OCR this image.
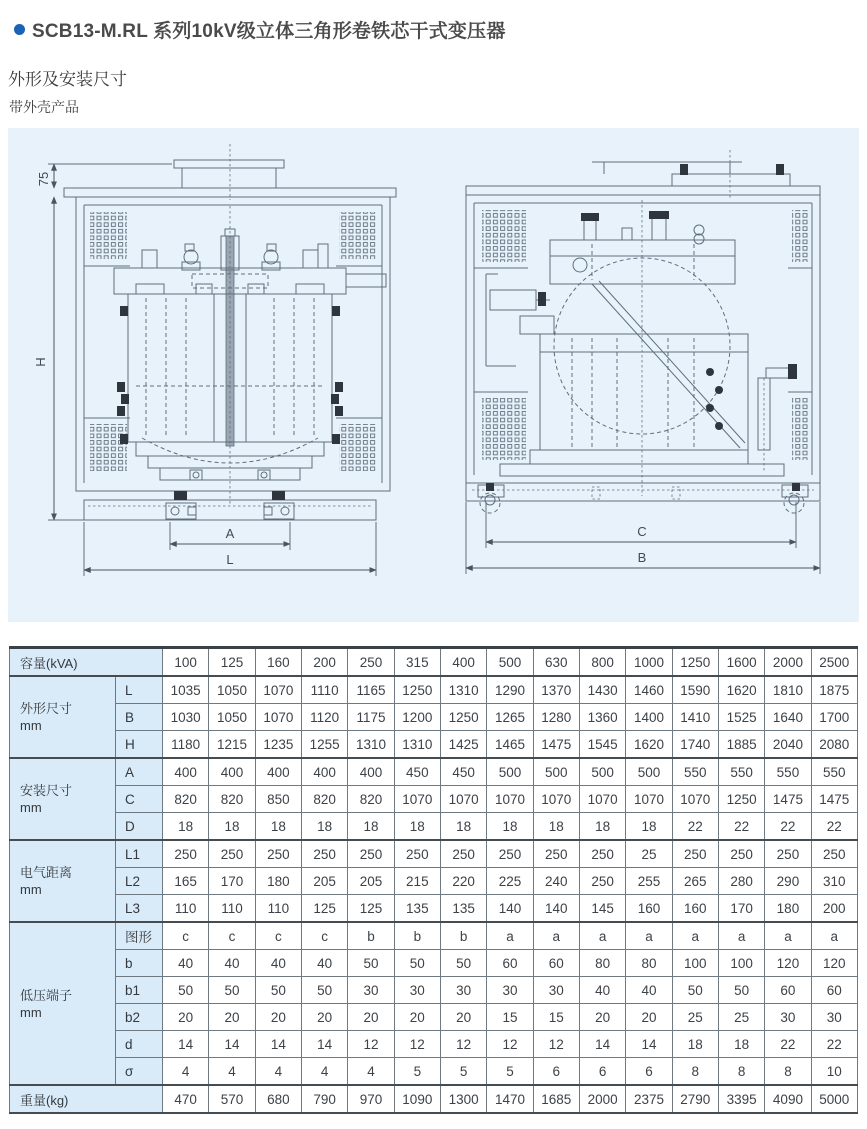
SCB13-M.RL 系列10kV级立体三角形卷铁芯干式变压器
外形及安装尺寸
带外壳产品
75
H
A
L
C
B
容量(kVA)		100	125	160	200	250	315	400	500	630	800	1000	1250	1600	2000	2500

外形尺寸
mm	L	1035	1050	1070	1110	1165	1250	1310	1290	1370	1430	1460	1590	1620	1810	1875
	B	1030	1050	1070	1120	1175	1200	1250	1265	1280	1360	1400	1410	1525	1640	1700
	H	1180	1215	1235	1255	1310	1310	1425	1465	1475	1545	1620	1740	1885	2040	2080

安装尺寸
mm	A	400	400	400	400	400	450	450	500	500	500	500	550	550	550	550
	C	820	820	850	820	820	1070	1070	1070	1070	1070	1070	1070	1250	1475	1475
	D	18	18	18	18	18	18	18	18	18	18	18	22	22	22	22

电气距离
mm	L1	250	250	250	250	250	250	250	250	250	250	25	250	250	250	250
	L2	165	170	180	205	205	215	220	225	240	250	255	265	280	290	310
	L3	110	110	110	125	125	135	135	140	140	145	160	160	170	180	200

低压端子
mm	图形	c	c	c	c	b	b	b	a	a	a	a	a	a	a	a
	b	40	40	40	40	50	50	50	60	60	80	80	100	100	120	120
	b1	50	50	50	50	30	30	30	30	30	40	40	50	50	60	60
	b2	20	20	20	20	20	20	20	15	15	20	20	25	25	30	30
	d	14	14	14	14	12	12	12	12	12	14	14	18	18	22	22
	σ	4	4	4	4	4	5	5	5	6	6	6	8	8	8	10
重量(kg)		470	570	680	790	970	1090	1300	1470	1685	2000	2375	2790	3395	4090	5000
